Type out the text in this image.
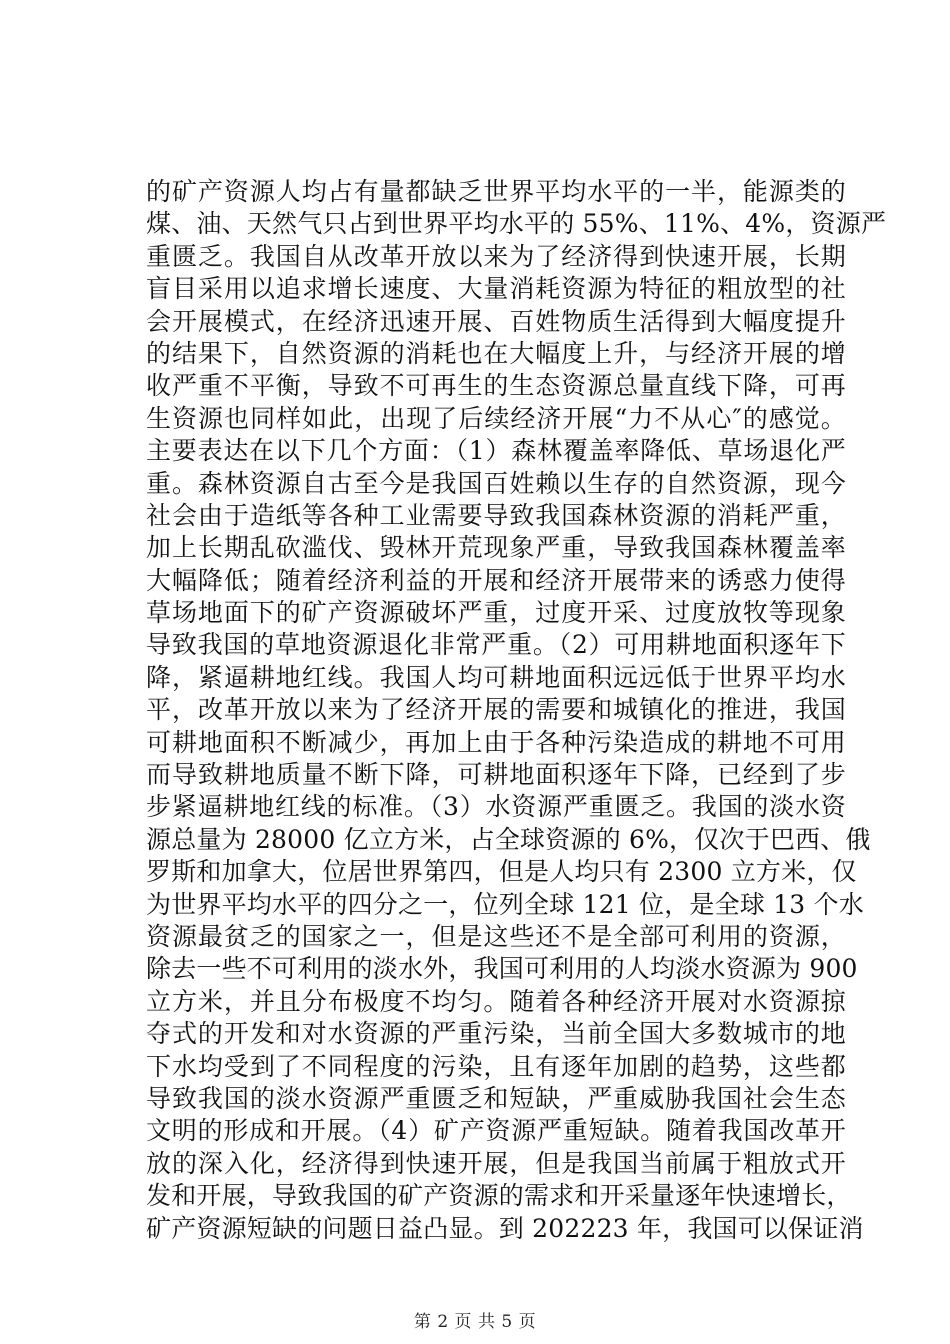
的矿产资源人均占有量都缺乏世界平均水平的一半，能源类的
煤、油、天然气只占到世界平均水平的 55%、11%、4%，资源严
重匮乏。我国自从改革开放以来为了经济得到快速开展，长期
盲目采用以追求增长速度、大量消耗资源为特征的粗放型的社
会开展模式，在经济迅速开展、百姓物质生活得到大幅度提升
的结果下，自然资源的消耗也在大幅度上升，与经济开展的增
收严重不平衡，导致不可再生的生态资源总量直线下降，可再
生资源也同样如此，出现了后续经济开展“力不从心″的感觉。
主要表达在以下几个方面：（1）森林覆盖率降低、草场退化严
重。森林资源自古至今是我国百姓赖以生存的自然资源，现今
社会由于造纸等各种工业需要导致我国森林资源的消耗严重，
加上长期乱砍滥伐、毁林开荒现象严重，导致我国森林覆盖率
大幅降低；随着经济利益的开展和经济开展带来的诱惑力使得
草场地面下的矿产资源破坏严重，过度开采、过度放牧等现象
导致我国的草地资源退化非常严重。（2）可用耕地面积逐年下
降，紧逼耕地红线。我国人均可耕地面积远远低于世界平均水
平，改革开放以来为了经济开展的需要和城镇化的推进，我国
可耕地面积不断减少，再加上由于各种污染造成的耕地不可用
而导致耕地质量不断下降，可耕地面积逐年下降，已经到了步
步紧逼耕地红线的标准。（3）水资源严重匮乏。我国的淡水资
源总量为 28000 亿立方米，占全球资源的 6%，仅次于巴西、俄
罗斯和加拿大，位居世界第四，但是人均只有 2300 立方米，仅
为世界平均水平的四分之一，位列全球 121 位，是全球 13 个水
资源最贫乏的国家之一，但是这些还不是全部可利用的资源，
除去一些不可利用的淡水外，我国可利用的人均淡水资源为 900
立方米，并且分布极度不均匀。随着各种经济开展对水资源掠
夺式的开发和对水资源的严重污染，当前全国大多数城市的地
下水均受到了不同程度的污染，且有逐年加剧的趋势，这些都
导致我国的淡水资源严重匮乏和短缺，严重威胁我国社会生态
文明的形成和开展。（4）矿产资源严重短缺。随着我国改革开
放的深入化，经济得到快速开展，但是我国当前属于粗放式开
发和开展，导致我国的矿产资源的需求和开采量逐年快速增长，
矿产资源短缺的问题日益凸显。到 202223 年，我国可以保证消
第 2 页 共 5 页
